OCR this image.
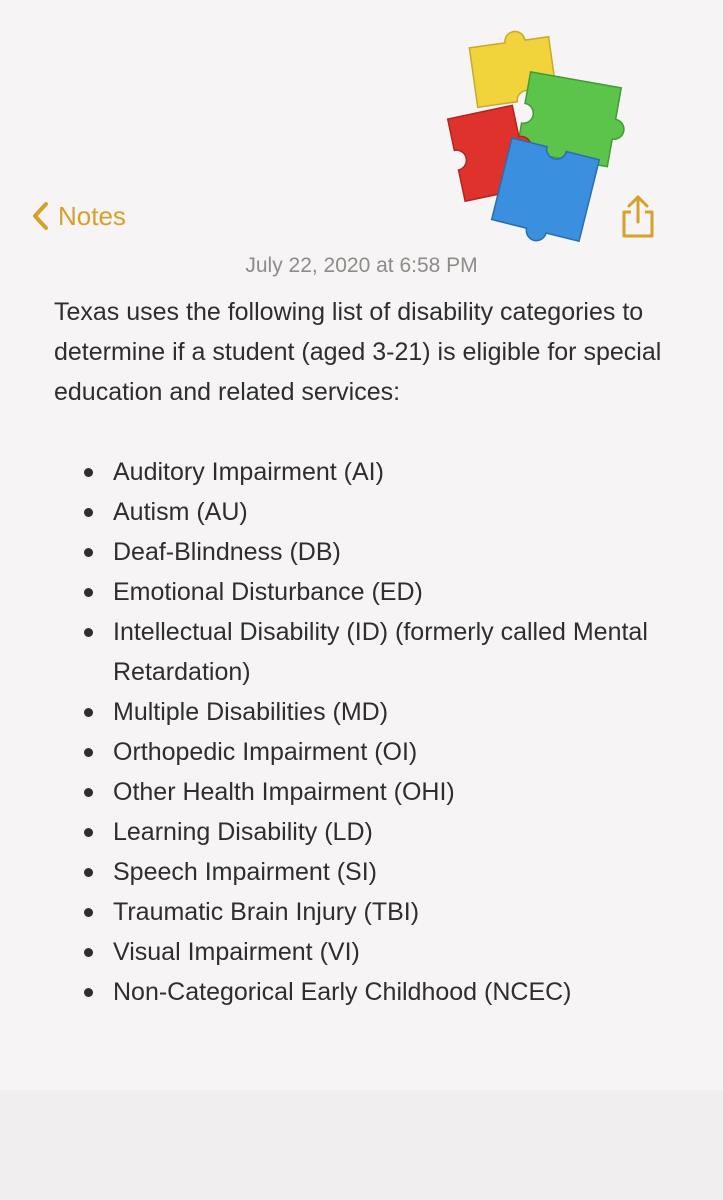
Notes
July 22, 2020 at 6:58 PM

Texas uses the following list of disability categories to determine if a student (aged 3-21) is eligible for special education and related services:

Auditory Impairment (AI)
Autism (AU)
Deaf-Blindness (DB)
Emotional Disturbance (ED)
Intellectual Disability (ID) (formerly called Mental Retardation)
Multiple Disabilities (MD)
Orthopedic Impairment (OI)
Other Health Impairment (OHI)
Learning Disability (LD)
Speech Impairment (SI)
Traumatic Brain Injury (TBI)
Visual Impairment (VI)
Non-Categorical Early Childhood (NCEC)
